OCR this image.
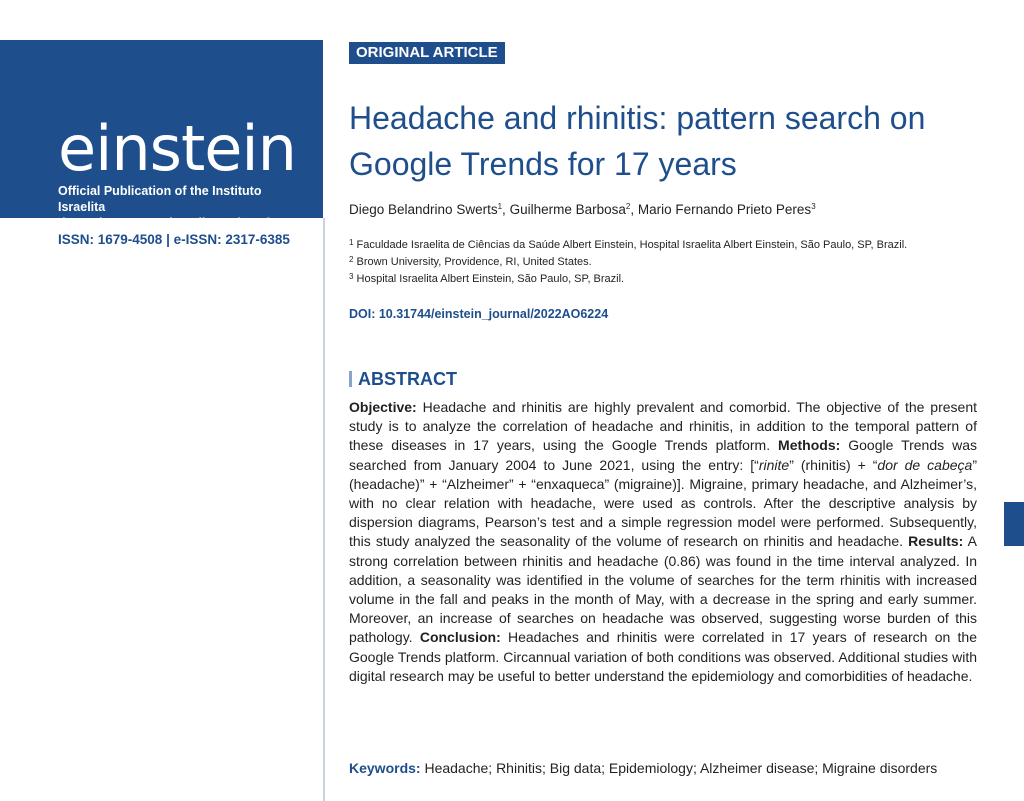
einstein
Official Publication of the Instituto Israelita
de Ensino e Pesquisa Albert Einstein
ISSN: 1679-4508 | e-ISSN: 2317-6385
ORIGINAL ARTICLE
Headache and rhinitis: pattern search on Google Trends for 17 years
Diego Belandrino Swerts$^1$, Guilherme Barbosa$^2$, Mario Fernando Prieto Peres$^3$
$^1$ Faculdade Israelita de Ciências da Saúde Albert Einstein, Hospital Israelita Albert Einstein, São Paulo, SP, Brazil.
$^2$ Brown University, Providence, RI, United States.
$^3$ Hospital Israelita Albert Einstein, São Paulo, SP, Brazil.
DOI: 10.31744/einstein_journal/2022AO6224
ABSTRACT

Objective: Headache and rhinitis are highly prevalent and comorbid. The objective of the present study is to analyze the correlation of headache and rhinitis, in addition to the temporal pattern of these diseases in 17 years, using the Google Trends platform. Methods: Google Trends was searched from January 2004 to June 2021, using the entry: [“rinite” (rhinitis) + “dor de cabeça” (headache)” + “Alzheimer” + “enxaqueca” (migraine)]. Migraine, primary headache, and Alzheimer’s, with no clear relation with headache, were used as controls. After the descriptive analysis by dispersion diagrams, Pearson’s test and a simple regression model were performed. Subsequently, this study analyzed the seasonality of the volume of research on rhinitis and headache. Results: A strong correlation between rhinitis and headache (0.86) was found in the time interval analyzed. In addition, a seasonality was identified in the volume of searches for the term rhinitis with increased volume in the fall and peaks in the month of May, with a decrease in the spring and early summer. Moreover, an increase of searches on headache was observed, suggesting worse burden of this pathology. Conclusion: Headaches and rhinitis were correlated in 17 years of research on the Google Trends platform. Circannual variation of both conditions was observed. Additional studies with digital research may be useful to better understand the epidemiology and comorbidities of headache.

Keywords: Headache; Rhinitis; Big data; Epidemiology; Alzheimer disease; Migraine disorders
